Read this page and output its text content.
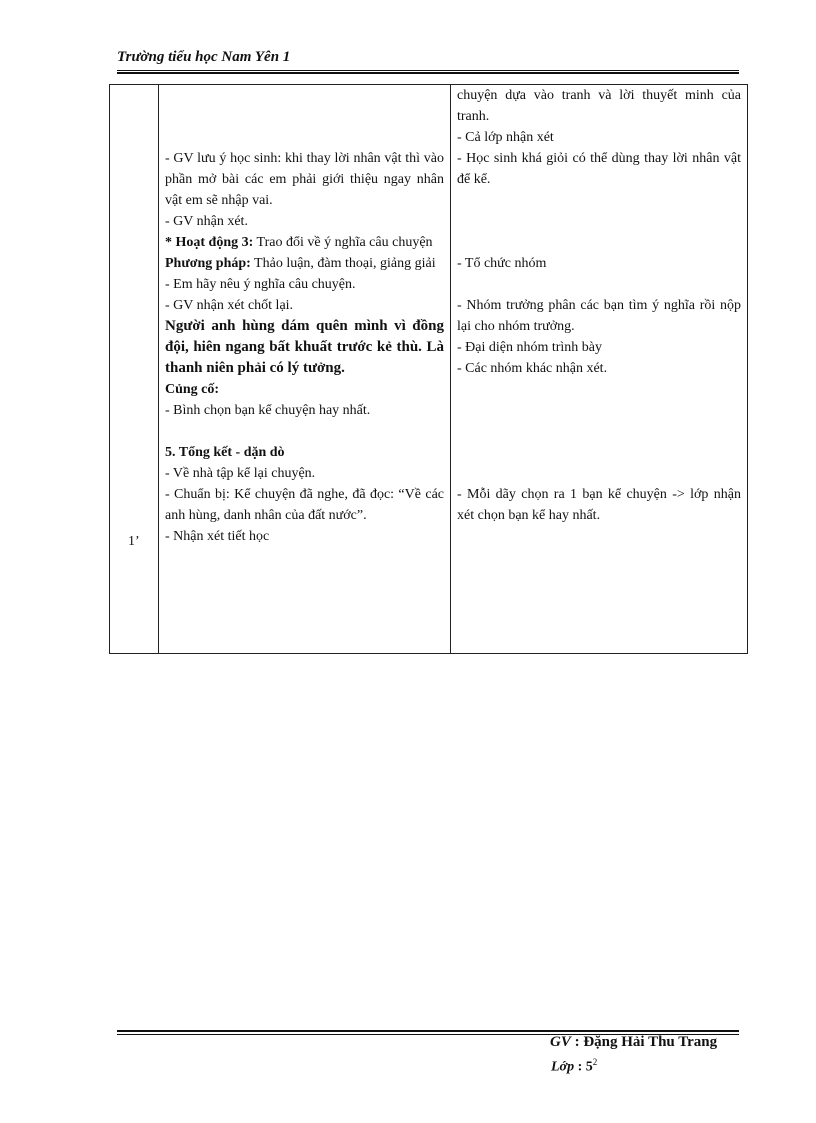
Trường tiểu học Nam Yên 1
1’

- GV lưu ý học sinh: khi thay lời nhân vật thì vào phần mở bài các em phải giới thiệu ngay nhân vật em sẽ nhập vai.
- GV nhận xét.
* Hoạt động 3: Trao đổi về ý nghĩa câu chuyện
Phương pháp: Thảo luận, đàm thoại, giảng giải
- Em hãy nêu ý nghĩa câu chuyện.
- GV nhận xét chốt lại.
Người anh hùng dám quên mình vì đồng đội, hiên ngang bất khuất trước kẻ thù. Là thanh niên phải có lý tưởng.
Củng cố:
- Bình chọn bạn kể chuyện hay nhất.
5. Tổng kết - dặn dò
- Về nhà tập kể lại chuyện.
- Chuẩn bị: Kể chuyện đã nghe, đã đọc: “Về các anh hùng, danh nhân của đất nước”.
- Nhận xét tiết học

chuyện dựa vào tranh và lời thuyết minh của tranh.
- Cả lớp nhận xét
- Học sinh khá giỏi có thể dùng thay lời nhân vật để kể.
- Tổ chức nhóm
- Nhóm trưởng phân các bạn tìm ý nghĩa rồi nộp lại cho nhóm trưởng.
- Đại diện nhóm trình bày
- Các nhóm khác nhận xét.
- Mỗi dãy chọn ra 1 bạn kể chuyện -> lớp nhận xét chọn bạn kể hay nhất.
GV : Đặng Hải Thu Trang
Lớp : $5^2$
